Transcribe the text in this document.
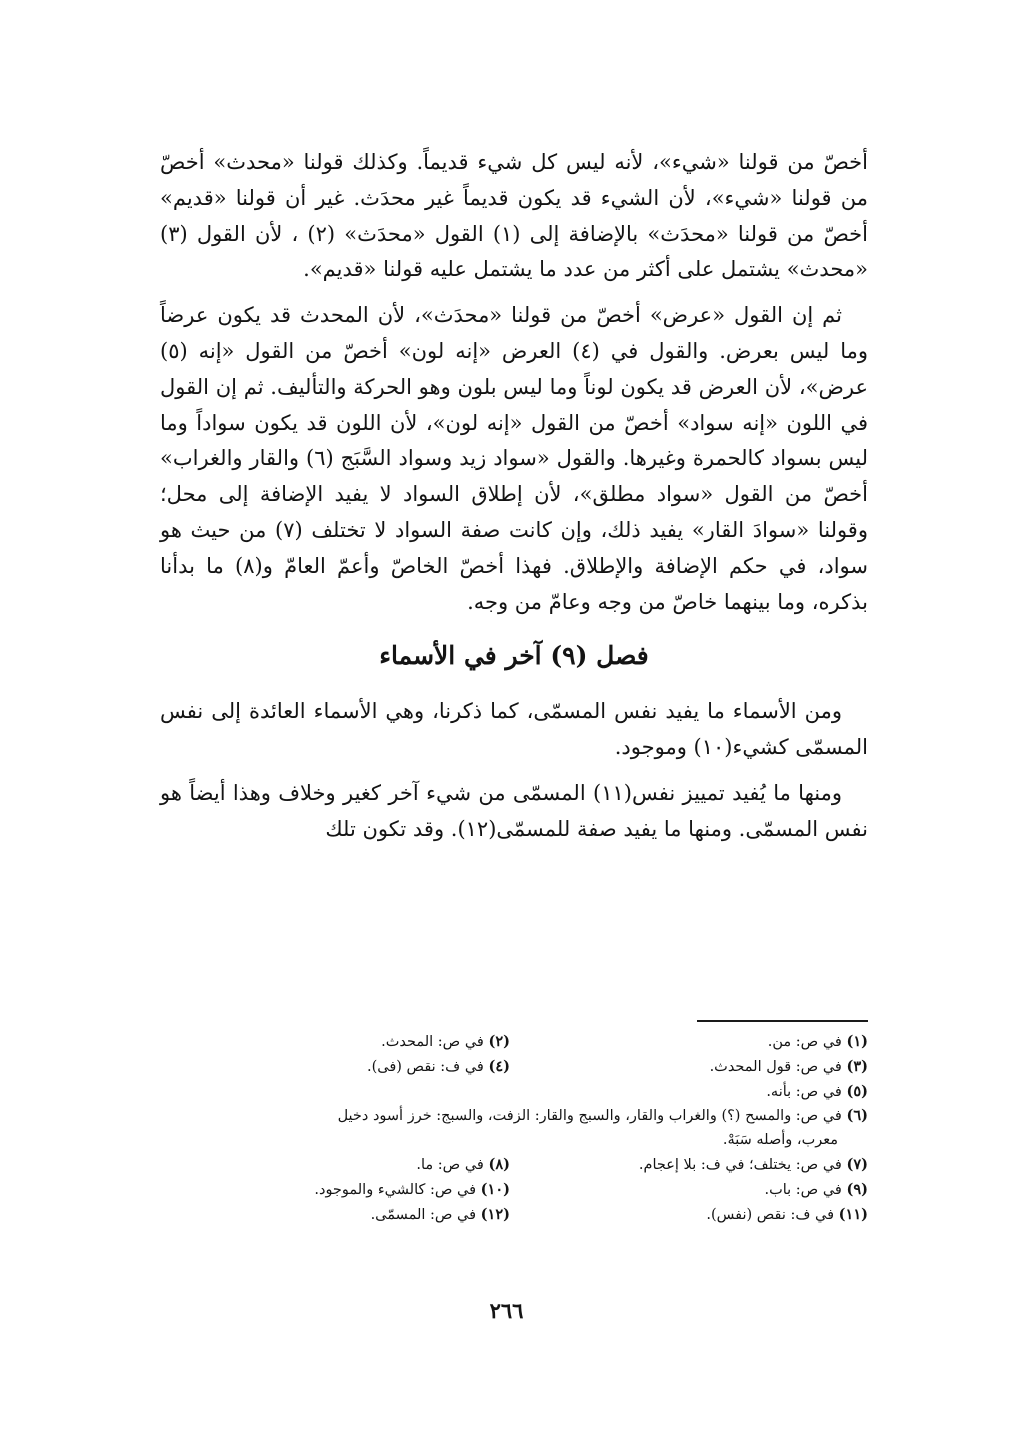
أخصّ من قولنا «شيء»، لأنه ليس كل شيء قديماً. وكذلك قولنا «محدث» أخصّ من قولنا «شيء»، لأن الشيء قد يكون قديماً غير محدَث. غير أن قولنا «قديم» أخصّ من قولنا «محدَث» بالإضافة إلى (١) القول «محدَث» (٢) ، لأن القول (٣) «محدث» يشتمل على أكثر من عدد ما يشتمل عليه قولنا «قديم».

ثم إن القول «عرض» أخصّ من قولنا «محدَث»، لأن المحدث قد يكون عرضاً وما ليس بعرض. والقول في (٤) العرض «إنه لون» أخصّ من القول «إنه (٥) عرض»، لأن العرض قد يكون لوناً وما ليس بلون وهو الحركة والتأليف. ثم إن القول في اللون «إنه سواد» أخصّ من القول «إنه لون»، لأن اللون قد يكون سواداً وما ليس بسواد كالحمرة وغيرها. والقول «سواد زيد وسواد السَّبَج (٦) والقار والغراب» أخصّ من القول «سواد مطلق»، لأن إطلاق السواد لا يفيد الإضافة إلى محل؛ وقولنا «سوادَ القار» يفيد ذلك، وإن كانت صفة السواد لا تختلف (٧) من حيث هو سواد، في حكم الإضافة والإطلاق. فهذا أخصّ الخاصّ وأعمّ العامّ و(٨) ما بدأنا بذكره، وما بينهما خاصّ من وجه وعامّ من وجه.

فصل (٩) آخر في الأسماء

ومن الأسماء ما يفيد نفس المسمّى، كما ذكرنا، وهي الأسماء العائدة إلى نفس المسمّى كشيء(١٠) وموجود.

ومنها ما يُفيد تمييز نفس(١١) المسمّى من شيء آخر كغير وخلاف وهذا أيضاً هو نفس المسمّى. ومنها ما يفيد صفة للمسمّى(١٢). وقد تكون تلك

(١) في ص: من.
(٢) في ص: المحدث.
(٣) في ص: قول المحدث.
(٤) في ف: نقص (فى).
(٥) في ص: بأنه.
(٦) في ص: والمسح (؟) والغراب والقار، والسبج والقار: الزفت، والسبج: خرز أسود دخيل
معرب، وأصله سَبَهْ.
(٧) في ص: يختلف؛ في ف: بلا إعجام.
(٨) في ص: ما.
(٩) في ص: باب.
(١٠) في ص: كالشيء والموجود.
(١١) في ف: نقص (نفس).
(١٢) في ص: المسمّى.
٢٦٦
